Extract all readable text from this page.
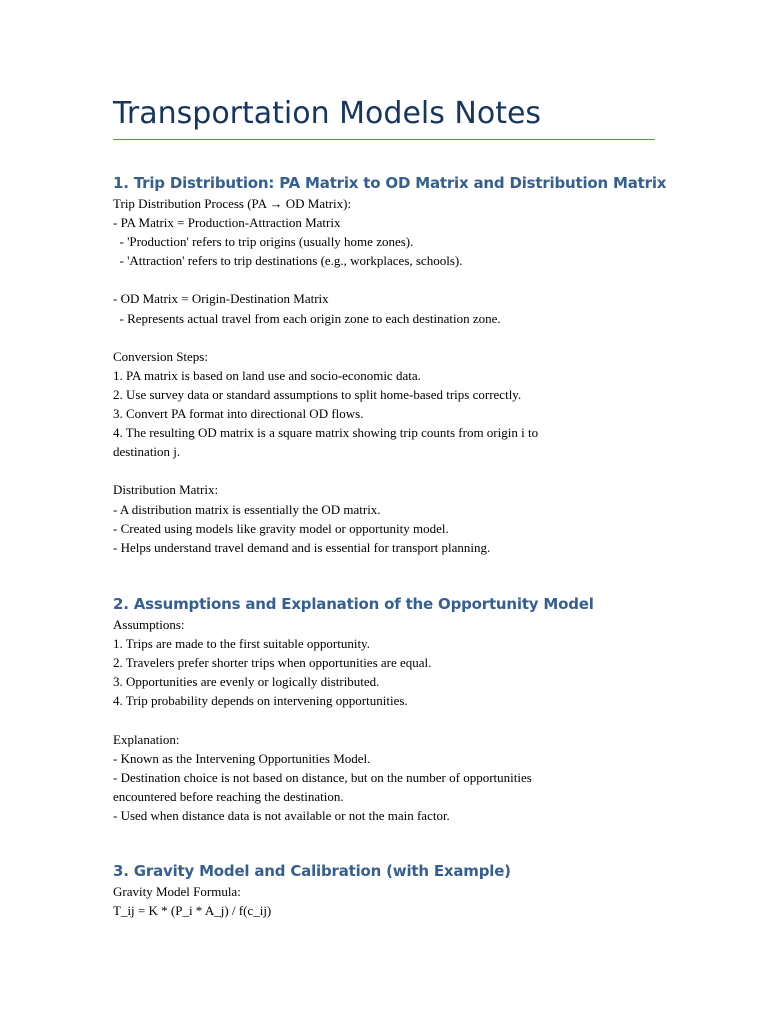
Transportation Models Notes
1. Trip Distribution: PA Matrix to OD Matrix and Distribution Matrix
Trip Distribution Process (PA → OD Matrix):
- PA Matrix = Production-Attraction Matrix
- 'Production' refers to trip origins (usually home zones).
- 'Attraction' refers to trip destinations (e.g., workplaces, schools).
- OD Matrix = Origin-Destination Matrix
- Represents actual travel from each origin zone to each destination zone.
Conversion Steps:
1. PA matrix is based on land use and socio-economic data.
2. Use survey data or standard assumptions to split home-based trips correctly.
3. Convert PA format into directional OD flows.
4. The resulting OD matrix is a square matrix showing trip counts from origin i to
destination j.
Distribution Matrix:
- A distribution matrix is essentially the OD matrix.
- Created using models like gravity model or opportunity model.
- Helps understand travel demand and is essential for transport planning.
2. Assumptions and Explanation of the Opportunity Model
Assumptions:
1. Trips are made to the first suitable opportunity.
2. Travelers prefer shorter trips when opportunities are equal.
3. Opportunities are evenly or logically distributed.
4. Trip probability depends on intervening opportunities.
Explanation:
- Known as the Intervening Opportunities Model.
- Destination choice is not based on distance, but on the number of opportunities
encountered before reaching the destination.
- Used when distance data is not available or not the main factor.
3. Gravity Model and Calibration (with Example)
Gravity Model Formula:
T_ij = K * (P_i * A_j) / f(c_ij)
